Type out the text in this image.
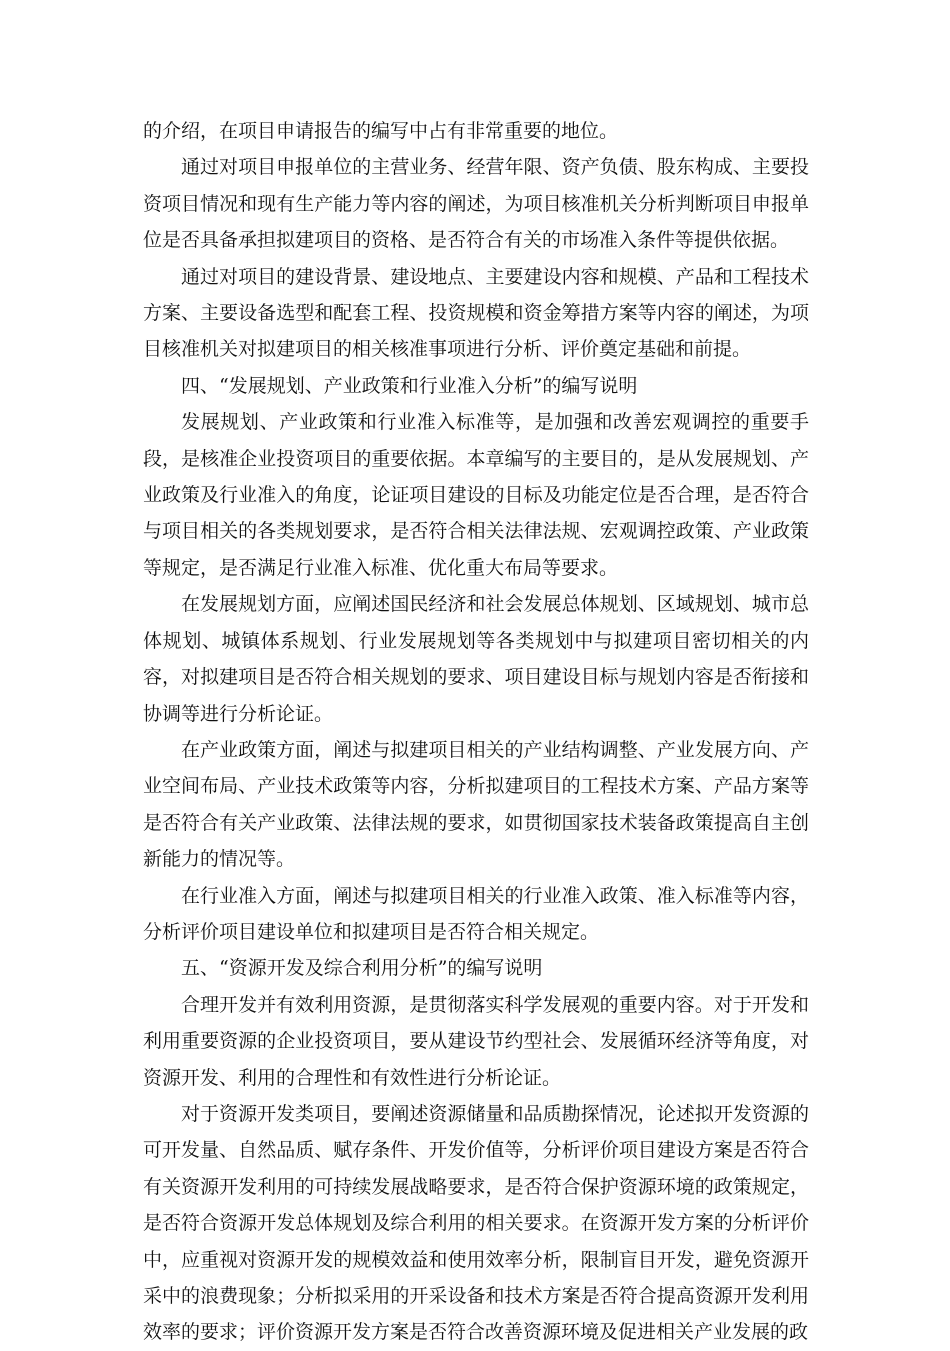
的介绍，在项目申请报告的编写中占有非常重要的地位。

通过对项目申报单位的主营业务、经营年限、资产负债、股东构成、主要投资项目情况和现有生产能力等内容的阐述，为项目核准机关分析判断项目申报单位是否具备承担拟建项目的资格、是否符合有关的市场准入条件等提供依据。

通过对项目的建设背景、建设地点、主要建设内容和规模、产品和工程技术方案、主要设备选型和配套工程、投资规模和资金筹措方案等内容的阐述，为项目核准机关对拟建项目的相关核准事项进行分析、评价奠定基础和前提。

四、“发展规划、产业政策和行业准入分析”的编写说明

发展规划、产业政策和行业准入标准等，是加强和改善宏观调控的重要手段，是核准企业投资项目的重要依据。本章编写的主要目的，是从发展规划、产业政策及行业准入的角度，论证项目建设的目标及功能定位是否合理，是否符合与项目相关的各类规划要求，是否符合相关法律法规、宏观调控政策、产业政策等规定，是否满足行业准入标准、优化重大布局等要求。

在发展规划方面，应阐述国民经济和社会发展总体规划、区域规划、城市总体规划、城镇体系规划、行业发展规划等各类规划中与拟建项目密切相关的内容，对拟建项目是否符合相关规划的要求、项目建设目标与规划内容是否衔接和协调等进行分析论证。

在产业政策方面，阐述与拟建项目相关的产业结构调整、产业发展方向、产业空间布局、产业技术政策等内容，分析拟建项目的工程技术方案、产品方案等是否符合有关产业政策、法律法规的要求，如贯彻国家技术装备政策提高自主创新能力的情况等。

在行业准入方面，阐述与拟建项目相关的行业准入政策、准入标准等内容，分析评价项目建设单位和拟建项目是否符合相关规定。

五、“资源开发及综合利用分析”的编写说明

合理开发并有效利用资源，是贯彻落实科学发展观的重要内容。对于开发和利用重要资源的企业投资项目，要从建设节约型社会、发展循环经济等角度，对资源开发、利用的合理性和有效性进行分析论证。

对于资源开发类项目，要阐述资源储量和品质勘探情况，论述拟开发资源的可开发量、自然品质、赋存条件、开发价值等，分析评价项目建设方案是否符合有关资源开发利用的可持续发展战略要求，是否符合保护资源环境的政策规定，是否符合资源开发总体规划及综合利用的相关要求。在资源开发方案的分析评价中，应重视对资源开发的规模效益和使用效率分析，限制盲目开发，避免资源开采中的浪费现象；分析拟采用的开采设备和技术方案是否符合提高资源开发利用效率的要求；评价资源开发方案是否符合改善资源环境及促进相关产业发展的政
